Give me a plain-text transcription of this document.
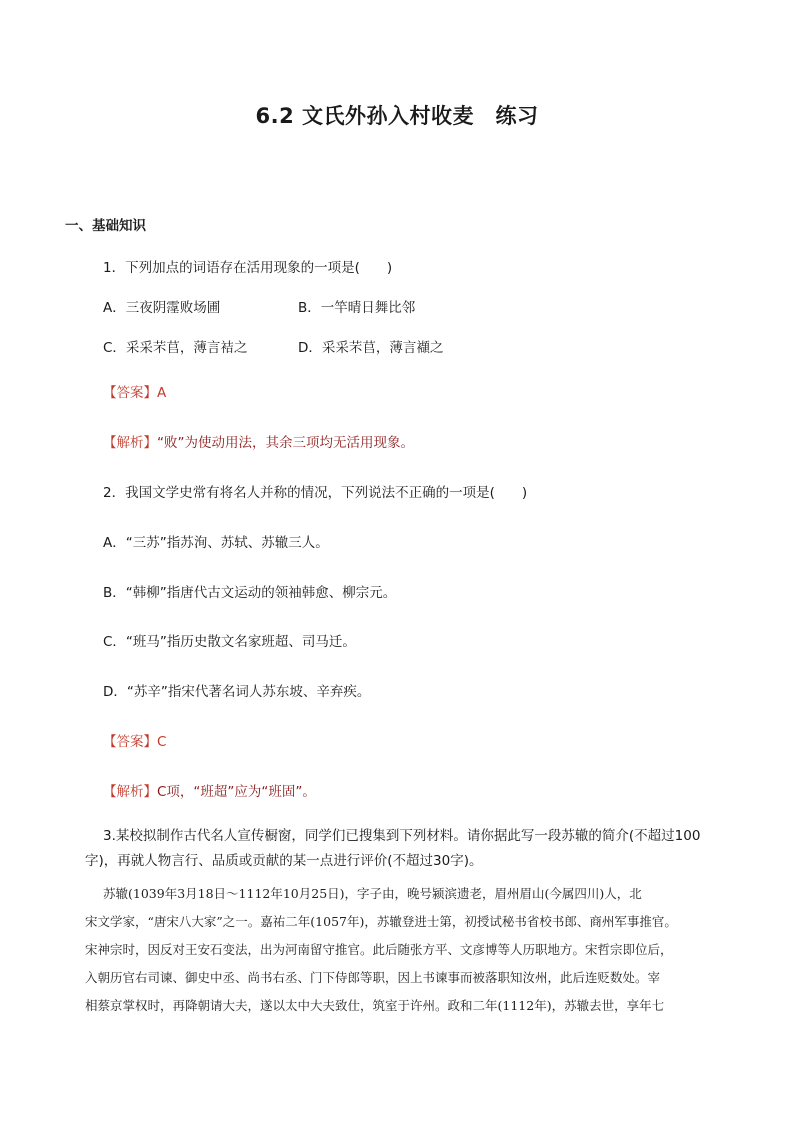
6.2 文氏外孙入村收麦　练习
一、基础知识
1．下列加点的词语存在活用现象的一项是(　　)
A．三夜阴霪败场圃	B．一竿晴日舞比邻
C．采采芣苢，薄言袺之	D．采采芣苢，薄言襭之
【答案】A
【解析】“败”为使动用法，其余三项均无活用现象。
2．我国文学史常有将名人并称的情况，下列说法不正确的一项是(　　)
A．“三苏”指苏洵、苏轼、苏辙三人。
B．“韩柳”指唐代古文运动的领袖韩愈、柳宗元。
C．“班马”指历史散文名家班超、司马迁。
D．“苏辛”指宋代著名词人苏东坡、辛弃疾。
【答案】C
【解析】C项，“班超”应为“班固”。
3.某校拟制作古代名人宣传橱窗，同学们已搜集到下列材料。请你据此写一段苏辙的简介(不超过100字)，再就人物言行、品质或贡献的某一点进行评价(不超过30字)。
苏辙(1039年3月18日～1112年10月25日)，字子由，晚号颍滨遗老，眉州眉山(今属四川)人，北
宋文学家，“唐宋八大家”之一。嘉祐二年(1057年)，苏辙登进士第，初授试秘书省校书郎、商州军事推官。
宋神宗时，因反对王安石变法，出为河南留守推官。此后随张方平、文彦博等人历职地方。宋哲宗即位后，
入朝历官右司谏、御史中丞、尚书右丞、门下侍郎等职，因上书谏事而被落职知汝州，此后连贬数处。宰
相蔡京掌权时，再降朝请大夫，遂以太中大夫致仕，筑室于许州。政和二年(1112年)，苏辙去世，享年七
